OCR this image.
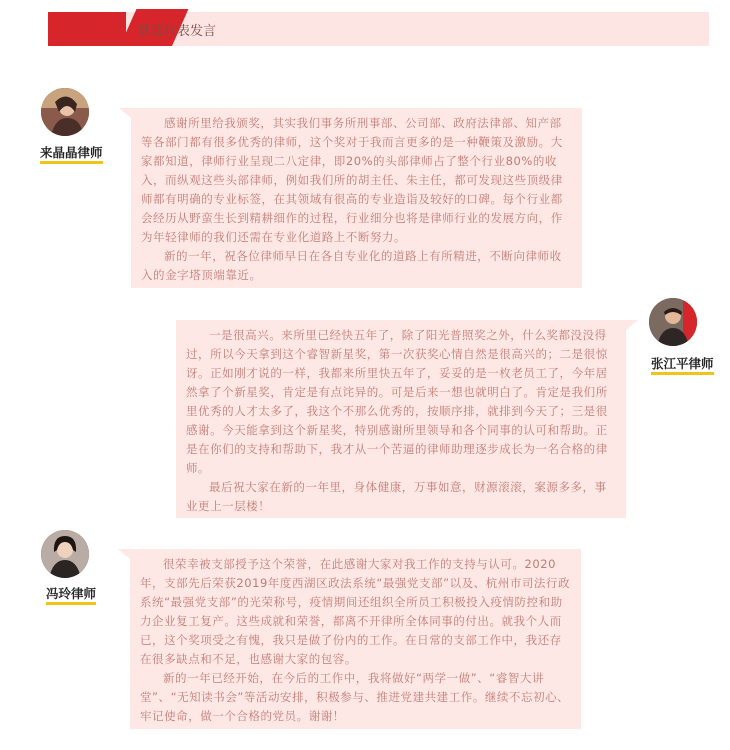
获奖代表发言
来晶晶律师

感谢所里给我颁奖，其实我们事务所刑事部、公司部、政府法律部、知产部等各部门都有很多优秀的律师，这个奖对于我而言更多的是一种鞭策及激励。大家都知道，律师行业呈现二八定律，即20%的头部律师占了整个行业80%的收入，而纵观这些头部律师，例如我们所的胡主任、朱主任，都可发现这些顶级律师都有明确的专业标签，在其领域有很高的专业造诣及较好的口碑。每个行业都会经历从野蛮生长到精耕细作的过程，行业细分也将是律师行业的发展方向，作为年轻律师的我们还需在专业化道路上不断努力。

新的一年，祝各位律师早日在各自专业化的道路上有所精进，不断向律师收入的金字塔顶端靠近。

张江平律师

一是很高兴。来所里已经快五年了，除了阳光普照奖之外，什么奖都没没得过，所以今天拿到这个睿智新星奖，第一次获奖心情自然是很高兴的；二是很惊讶。正如刚才说的一样，我都来所里快五年了，妥妥的是一枚老员工了，今年居然拿了个新星奖，肯定是有点诧异的。可是后来一想也就明白了。肯定是我们所里优秀的人才太多了，我这个不那么优秀的，按顺序排，就排到今天了；三是很感谢。今天能拿到这个新星奖，特别感谢所里领导和各个同事的认可和帮助。正是在你们的支持和帮助下，我才从一个苦逼的律师助理逐步成长为一名合格的律师。

最后祝大家在新的一年里，身体健康，万事如意，财源滚滚，案源多多，事业更上一层楼！

冯玲律师

很荣幸被支部授予这个荣誉，在此感谢大家对我工作的支持与认可。2020年，支部先后荣获2019年度西湖区政法系统“最强党支部”以及、杭州市司法行政系统“最强党支部”的光荣称号，疫情期间还组织全所员工积极投入疫情防控和助力企业复工复产。这些成就和荣誉，都离不开律所全体同事的付出。就我个人而已，这个奖项受之有愧，我只是做了份内的工作。在日常的支部工作中，我还存在很多缺点和不足，也感谢大家的包容。

新的一年已经开始，在今后的工作中，我将做好“两学一做”、“睿智大讲堂”、“无知读书会”等活动安排，积极参与、推进党建共建工作。继续不忘初心、牢记使命，做一个合格的党员。谢谢！
